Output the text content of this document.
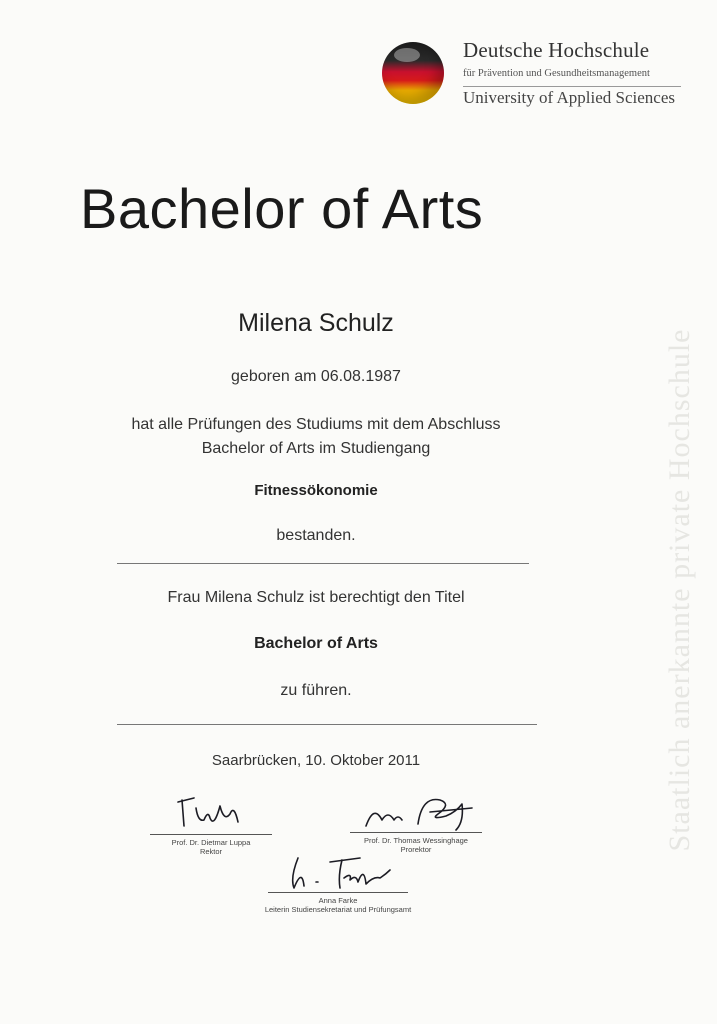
Staatlich anerkannte private Hochschule
Deutsche Hochschule
für Prävention und Gesundheitsmanagement
University of Applied Sciences
Bachelor of Arts
Milena Schulz
geboren am 06.08.1987
hat alle Prüfungen des Studiums mit dem Abschluss
Bachelor of Arts im Studiengang
Fitnessökonomie
bestanden.
Frau Milena Schulz ist berechtigt den Titel
Bachelor of Arts
zu führen.
Saarbrücken, 10. Oktober 2011
Prof. Dr. Dietmar Luppa
Rektor
Prof. Dr. Thomas Wessinghage
Prorektor
Anna Farke
Leiterin Studiensekretariat und Prüfungsamt
